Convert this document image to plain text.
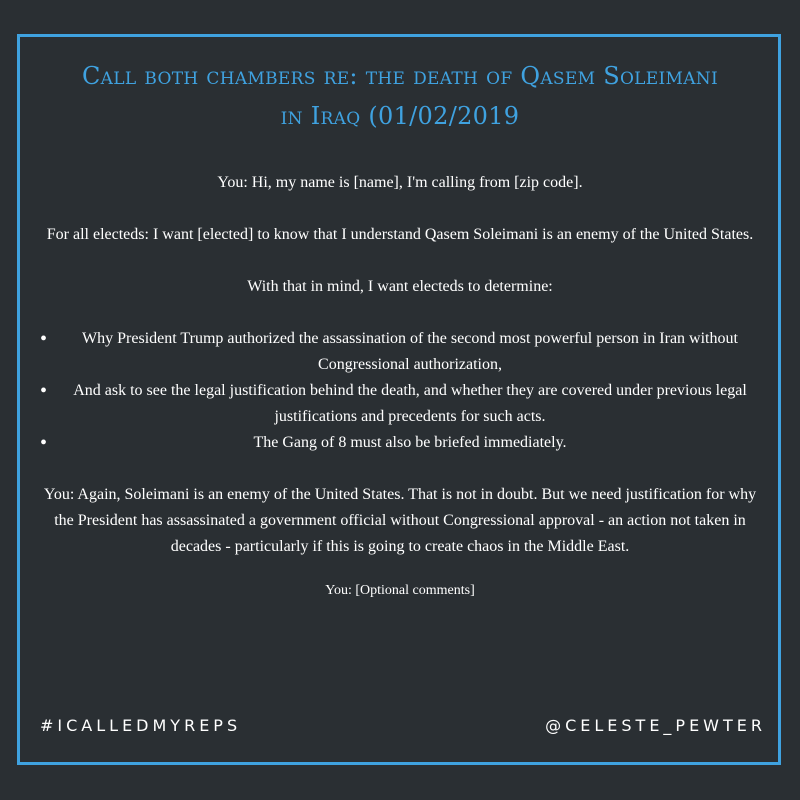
Call both chambers re: the death of Qasem Soleimani
in Iraq (01/02/2019

You: Hi, my name is [name], I'm calling from [zip code].

For all electeds: I want [elected] to know that I understand Qasem Soleimani is an enemy of the United States.

With that in mind, I want electeds to determine:

• Why President Trump authorized the assassination of the second most powerful person in Iran without Congressional authorization,
• And ask to see the legal justification behind the death, and whether they are covered under previous legal justifications and precedents for such acts.
• The Gang of 8 must also be briefed immediately.

You: Again, Soleimani is an enemy of the United States. That is not in doubt. But we need justification for why the President has assassinated a government official without Congressional approval - an action not taken in decades - particularly if this is going to create chaos in the Middle East.

You: [Optional comments]

#ICALLEDMYREPS	@CELESTE_PEWTER
